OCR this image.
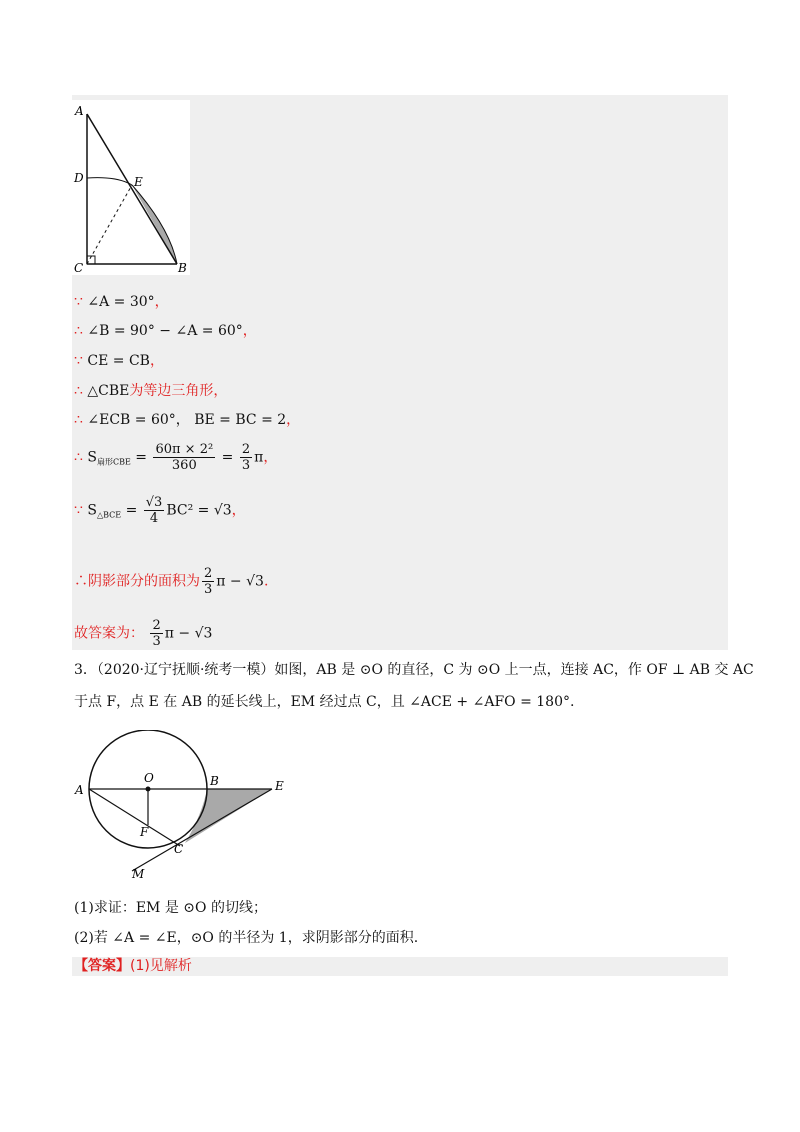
A
D	E
C	B
∵ ∠A = 30°，
∴ ∠B = 90° − ∠A = 60°，
∵ CE = CB，
∴ △CBE为等边三角形，
∴ ∠ECB = 60°， BE = BC = 2，
∴ $S_{扇形CBE} = \frac{\text{60π × 2²}}{360} = \frac{2}{3}$ π，
∵ $S_{\triangle BCE} = \frac{√3}{4} BC^2 = √3$，
∴阴影部分的面积为 $\frac{2}{3}$ π − √3.
故答案为： $\frac{2}{3}$ π − √3
3．（2020·辽宁抚顺·统考一模）如图，AB 是 ⊙O 的直径，C 为 ⊙O 上一点，连接 AC，作 OF ⊥ AB 交 AC
于点 F，点 E 在 AB 的延长线上，EM 经过点 C，且 ∠ACE + ∠AFO = 180°.
O	B	E
A
F
C
M
(1)求证：EM 是 ⊙O 的切线；
(2)若 ∠A = ∠E，⊙O 的半径为 1，求阴影部分的面积.
【答案】(1)见解析
